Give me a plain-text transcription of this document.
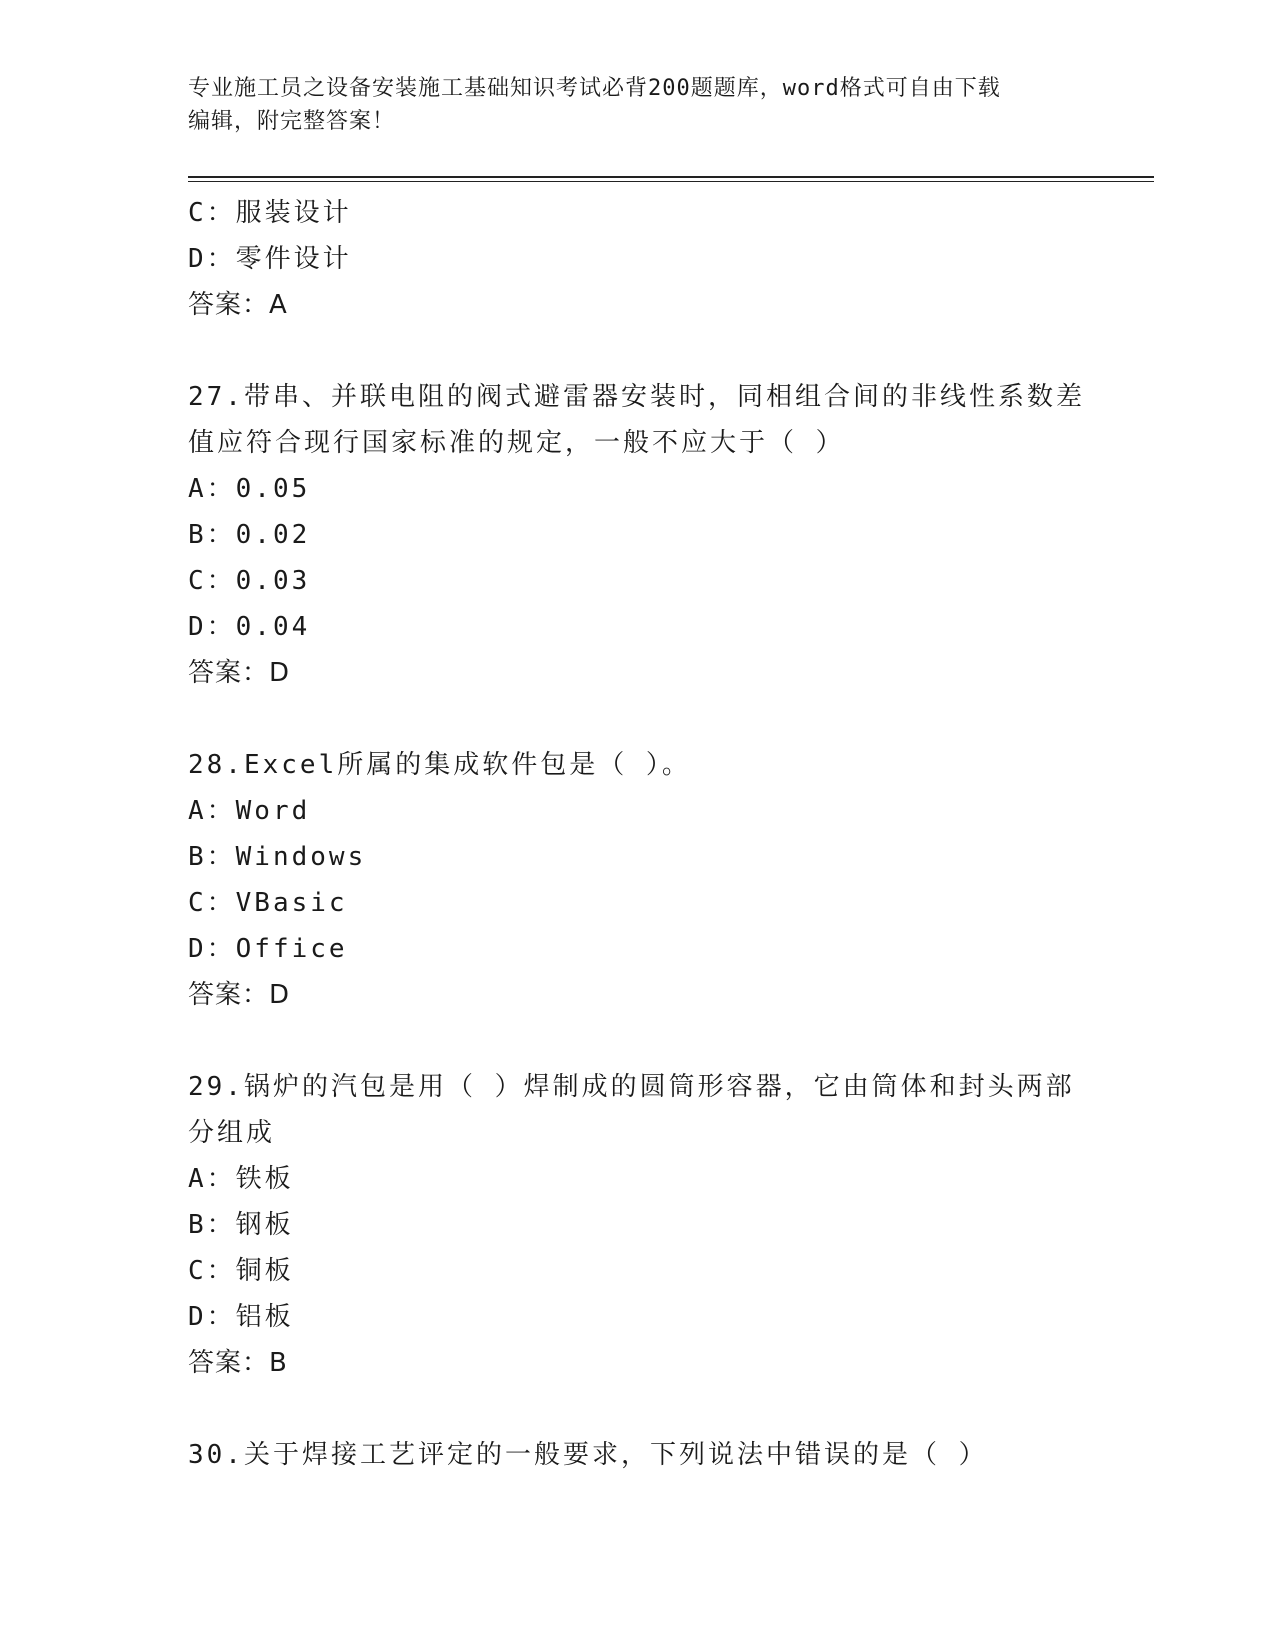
专业施工员之设备安装施工基础知识考试必背200题题库，word格式可自由下载
编辑，附完整答案！
C：服装设计
D：零件设计
答案：A
27.带串、并联电阻的阀式避雷器安装时，同相组合间的非线性系数差
值应符合现行国家标准的规定，一般不应大于（ ）
A：0.05
B：0.02
C：0.03
D：0.04
答案：D
28.Excel所属的集成软件包是（ ）。
A：Word
B：Windows
C：VBasic
D：Office
答案：D
29.锅炉的汽包是用（ ）焊制成的圆筒形容器，它由筒体和封头两部
分组成
A：铁板
B：钢板
C：铜板
D：铝板
答案：B
30.关于焊接工艺评定的一般要求，下列说法中错误的是（ ）
